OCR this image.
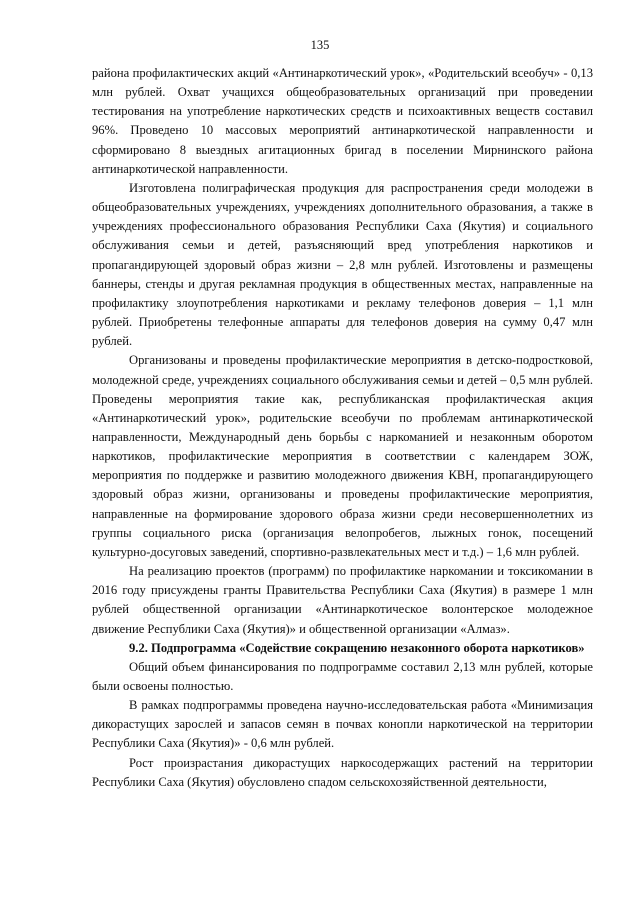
135

района профилактических акций «Антинаркотический урок», «Родительский всеобуч» - 0,13 млн рублей. Охват учащихся общеобразовательных организаций при проведении тестирования на употребление наркотических средств и психоактивных веществ составил 96%. Проведено 10 массовых мероприятий антинаркотической направленности и сформировано 8 выездных агитационных бригад в поселении Мирнинского района антинаркотической направленности.

Изготовлена полиграфическая продукция для распространения среди молодежи в общеобразовательных учреждениях, учреждениях дополнительного образования, а также в учреждениях профессионального образования Республики Саха (Якутия) и социального обслуживания семьи и детей, разъясняющий вред употребления наркотиков и пропагандирующей здоровый образ жизни – 2,8 млн рублей. Изготовлены и размещены баннеры, стенды и другая рекламная продукция в общественных местах, направленные на профилактику злоупотребления наркотиками и рекламу телефонов доверия – 1,1 млн рублей. Приобретены телефонные аппараты для телефонов доверия на сумму 0,47 млн рублей.

Организованы и проведены профилактические мероприятия в детско-подростковой, молодежной среде, учреждениях социального обслуживания семьи и детей – 0,5 млн рублей. Проведены мероприятия такие как, республиканская профилактическая акция «Антинаркотический урок», родительские всеобучи по проблемам антинаркотической направленности, Международный день борьбы с наркоманией и незаконным оборотом наркотиков, профилактические мероприятия в соответствии с календарем ЗОЖ, мероприятия по поддержке и развитию молодежного движения КВН, пропагандирующего здоровый образ жизни, организованы и проведены профилактические мероприятия, направленные на формирование здорового образа жизни среди несовершеннолетних из группы социального риска (организация велопробегов, лыжных гонок, посещений культурно-досуговых заведений, спортивно-развлекательных мест и т.д.) – 1,6 млн рублей.

На реализацию проектов (программ) по профилактике наркомании и токсикомании в 2016 году присуждены гранты Правительства Республики Саха (Якутия) в размере 1 млн рублей общественной организации «Антинаркотическое волонтерское молодежное движение Республики Саха (Якутия)» и общественной организации «Алмаз».

9.2. Подпрограмма «Содействие сокращению незаконного оборота наркотиков»

Общий объем финансирования по подпрограмме составил 2,13 млн рублей, которые были освоены полностью.

В рамках подпрограммы проведена научно-исследовательская работа «Минимизация дикорастущих зарослей и запасов семян в почвах конопли наркотической на территории Республики Саха (Якутия)» - 0,6 млн рублей.

Рост произрастания дикорастущих наркосодержащих растений на территории Республики Саха (Якутия) обусловлено спадом сельскохозяйственной деятельности,
